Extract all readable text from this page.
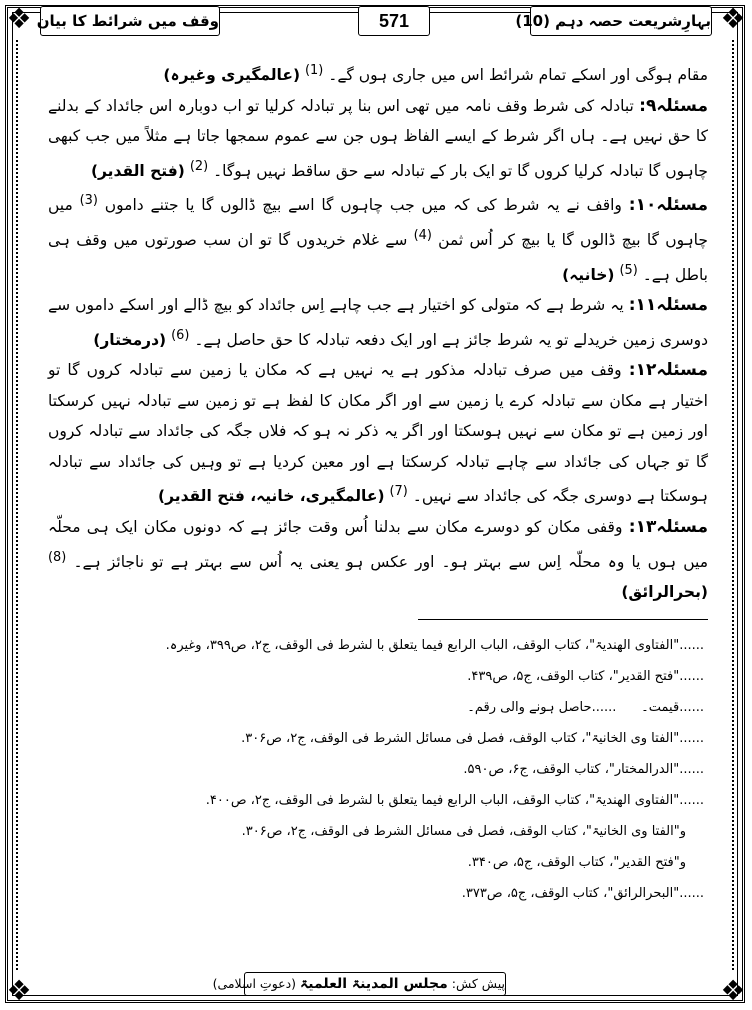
❖	❖
❖	❖
بہارِشریعت حصہ دہم (10)
571
وقف میں شرائط کا بیان

مقام ہوگی اور اسکے تمام شرائط اس میں جاری ہوں گے۔ $^{(1)}$ (عالمگیری وغیرہ)

مسئلہ۹: تبادلہ کی شرط وقف نامہ میں تھی اس بنا پر تبادلہ کرلیا تو اب دوبارہ اس جائداد کے بدلنے کا حق نہیں ہے۔ ہاں اگر شرط کے ایسے الفاظ ہوں جن سے عموم سمجھا جاتا ہے مثلاً میں جب کبھی چاہوں گا تبادلہ کرلیا کروں گا تو ایک بار کے تبادلہ سے حق ساقط نہیں ہوگا۔ $^{(2)}$ (فتح القدیر)

مسئلہ۱۰: واقف نے یہ شرط کی کہ میں جب چاہوں گا اسے بیچ ڈالوں گا یا جتنے داموں $^{(3)}$ میں چاہوں گا بیچ ڈالوں گا یا بیچ کر اُس ثمن $^{(4)}$ سے غلام خریدوں گا تو ان سب صورتوں میں وقف ہی باطل ہے۔ $^{(5)}$ (خانیہ)

مسئلہ۱۱: یہ شرط ہے کہ متولی کو اختیار ہے جب چاہے اِس جائداد کو بیچ ڈالے اور اسکے داموں سے دوسری زمین خریدلے تو یہ شرط جائز ہے اور ایک دفعہ تبادلہ کا حق حاصل ہے۔ $^{(6)}$ (درمختار)

مسئلہ۱۲: وقف میں صرف تبادلہ مذکور ہے یہ نہیں ہے کہ مکان یا زمین سے تبادلہ کروں گا تو اختیار ہے مکان سے تبادلہ کرے یا زمین سے اور اگر مکان کا لفظ ہے تو زمین سے تبادلہ نہیں کرسکتا اور زمین ہے تو مکان سے نہیں ہوسکتا اور اگر یہ ذکر نہ ہو کہ فلاں جگہ کی جائداد سے تبادلہ کروں گا تو جہاں کی جائداد سے چاہے تبادلہ کرسکتا ہے اور معین کردیا ہے تو وہیں کی جائداد سے تبادلہ ہوسکتا ہے دوسری جگہ کی جائداد سے نہیں۔ $^{(7)}$ (عالمگیری، خانیہ، فتح القدیر)

مسئلہ۱۳: وقفی مکان کو دوسرے مکان سے بدلنا اُس وقت جائز ہے کہ دونوں مکان ایک ہی محلّہ میں ہوں یا وہ محلّہ اِس سے بہتر ہو۔ اور عکس ہو یعنی یہ اُس سے بہتر ہے تو ناجائز ہے۔ $^{(8)}$ (بحرالرائق)

......"الفتاوی الھندیۃ"، کتاب الوقف، الباب الرابع فیما یتعلق با لشرط فی الوقف، ج۲، ص۳۹۹، وغیرہ.
......"فتح القدیر"، کتاب الوقف، ج۵، ص۴۳۹.
......قیمت۔      ......حاصل ہونے والی رقم۔
......"الفتا وی الخانیۃ"، کتاب الوقف، فصل فی مسائل الشرط فی الوقف، ج۲، ص۳۰۶.
......"الدرالمختار"، کتاب الوقف، ج۶، ص۵۹۰.
......"الفتاوی الھندیۃ"، کتاب الوقف، الباب الرابع فیما یتعلق با لشرط فی الوقف، ج۲، ص۴۰۰.
و"الفتا وی الخانیۃ"، کتاب الوقف، فصل فی مسائل الشرط فی الوقف، ج۲، ص۳۰۶.
و"فتح القدیر"، کتاب الوقف، ج۵، ص۳۴۰.
......"البحرالرائق"، کتاب الوقف، ج۵، ص۳۷۳.
پیش کش: مجلس المدینۃ العلمیۃ (دعوتِ اسلامی)
